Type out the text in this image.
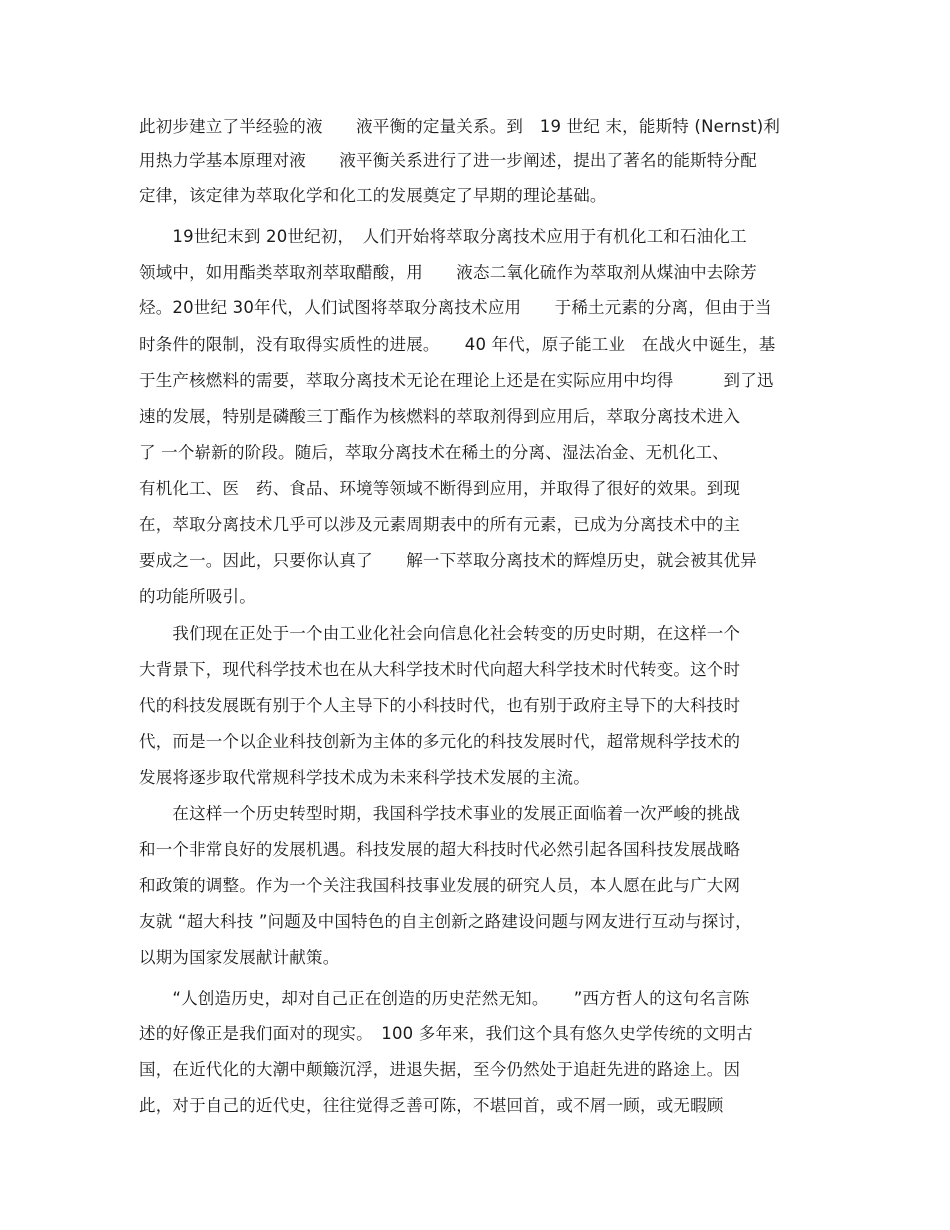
此初步建立了半经验的液　　液平衡的定量关系。到　19 世纪 末，能斯特 (Nernst)利
用热力学基本原理对液　　液平衡关系进行了进一步阐述，提出了著名的能斯特分配
定律，该定律为萃取化学和化工的发展奠定了早期的理论基础。
　　19世纪末到 20世纪初，　人们开始将萃取分离技术应用于有机化工和石油化工
领域中，如用酯类萃取剂萃取醋酸，用　　液态二氧化硫作为萃取剂从煤油中去除芳
烃。20世纪 30年代，人们试图将萃取分离技术应用　　于稀土元素的分离，但由于当
时条件的限制，没有取得实质性的进展。　　40 年代，原子能工业　在战火中诞生，基
于生产核燃料的需要，萃取分离技术无论在理论上还是在实际应用中均得　　　到了迅
速的发展，特别是磷酸三丁酯作为核燃料的萃取剂得到应用后，萃取分离技术进入
了 一个崭新的阶段。随后，萃取分离技术在稀土的分离、湿法冶金、无机化工、
有机化工、医　药、食品、环境等领域不断得到应用，并取得了很好的效果。到现
在，萃取分离技术几乎可以涉及元素周期表中的所有元素，已成为分离技术中的主
要成之一。因此，只要你认真了　　解一下萃取分离技术的辉煌历史，就会被其优异
的功能所吸引。
　　我们现在正处于一个由工业化社会向信息化社会转变的历史时期，在这样一个
大背景下，现代科学技术也在从大科学技术时代向超大科学技术时代转变。这个时
代的科技发展既有别于个人主导下的小科技时代，也有别于政府主导下的大科技时
代，而是一个以企业科技创新为主体的多元化的科技发展时代，超常规科学技术的
发展将逐步取代常规科学技术成为未来科学技术发展的主流。
　　在这样一个历史转型时期，我国科学技术事业的发展正面临着一次严峻的挑战
和一个非常良好的发展机遇。科技发展的超大科技时代必然引起各国科技发展战略
和政策的调整。作为一个关注我国科技事业发展的研究人员，本人愿在此与广大网
友就 “超大科技 ”问题及中国特色的自主创新之路建设问题与网友进行互动与探讨，
以期为国家发展献计献策。
　　“人创造历史，却对自己正在创造的历史茫然无知。　　”西方哲人的这句名言陈
述的好像正是我们面对的现实。　100 多年来，我们这个具有悠久史学传统的文明古
国，在近代化的大潮中颠簸沉浮，进退失据，至今仍然处于追赶先进的路途上。因
此，对于自己的近代史，往往觉得乏善可陈，不堪回首，或不屑一顾，或无暇顾
